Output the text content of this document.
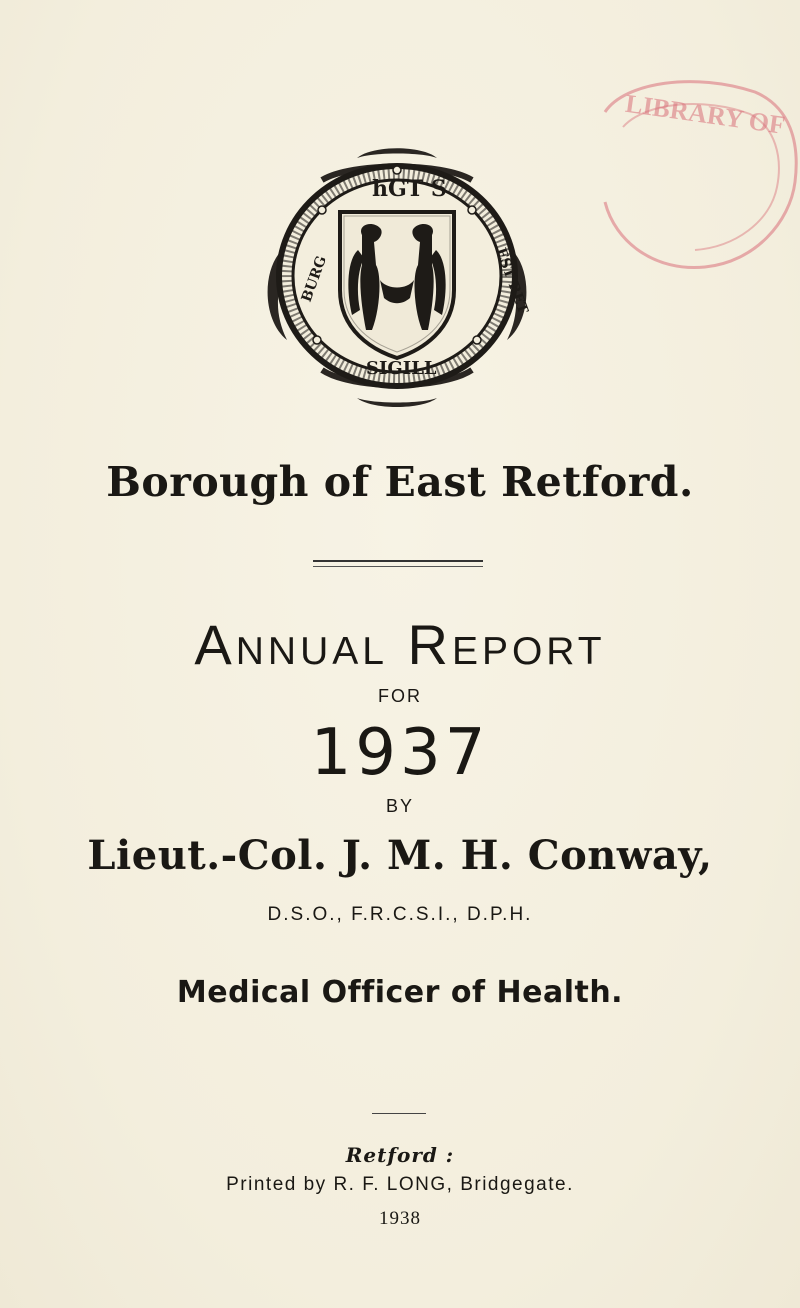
LIBRARY OF
hGT S
SIGILL
BURG	EST RET

Borough of East Retford.

Annual Report

FOR

1937

BY

Lieut.-Col. J. M. H. Conway,

D.S.O., F.R.C.S.I., D.P.H.

Medical Officer of Health.

Retford :

Printed by R. F. LONG, Bridgegate.

1938
